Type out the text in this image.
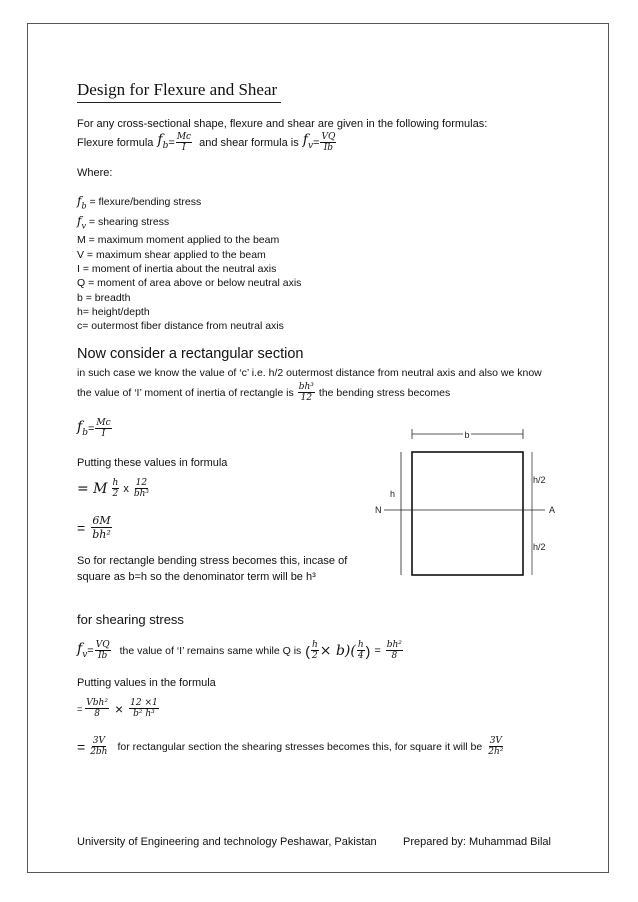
Design for Flexure and Shear
For any cross-sectional shape, flexure and shear are given in the following formulas:
Flexure formula $f_b = \frac{Mc}{I}$ and shear formula is $f_v = \frac{VQ}{Ib}$
Where:
$f_b$ = flexure/bending stress
$f_v$ = shearing stress
M = maximum moment applied to the beam
V = maximum shear applied to the beam
I = moment of inertia about the neutral axis
Q = moment of area above or below neutral axis
b = breadth
h= height/depth
c= outermost fiber distance from neutral axis
Now consider a rectangular section
in such case we know the value of ‘c’ i.e. h/2 outermost distance from neutral axis and also we know
the value of ‘I’ moment of inertia of rectangle is $\frac{\text{bh³}}{12}$ the bending stress becomes
$f_b = \frac{Mc}{I}$
Putting these values in formula
= M $\frac{h}{2}$ x $\frac{12}{\text{bh³}}$
= $\frac{6M}{\text{bh²}}$
So for rectangle bending stress becomes this, incase of
square as b=h so the denominator term will be h³
b
h
N	A
h/2
h/2
for shearing stress
$f_v = \frac{VQ}{Ib}$ the value of ‘I’ remains same while Q is ( $\frac{h}{2} \times b)( \frac{h}{4}$ ) = $\frac{\text{bh²}}{8}$
Putting values in the formula
= $\frac{\text{Vbh²}}{8} \times \frac{12 \times 1}{\text{b² h³}}$
= $\frac{3V}{2bh}$ for rectangular section the shearing stresses becomes this, for square it will be $\frac{3V}{\text{2h²}}$
University of Engineering and technology Peshawar, Pakistan Prepared by: Muhammad Bilal
